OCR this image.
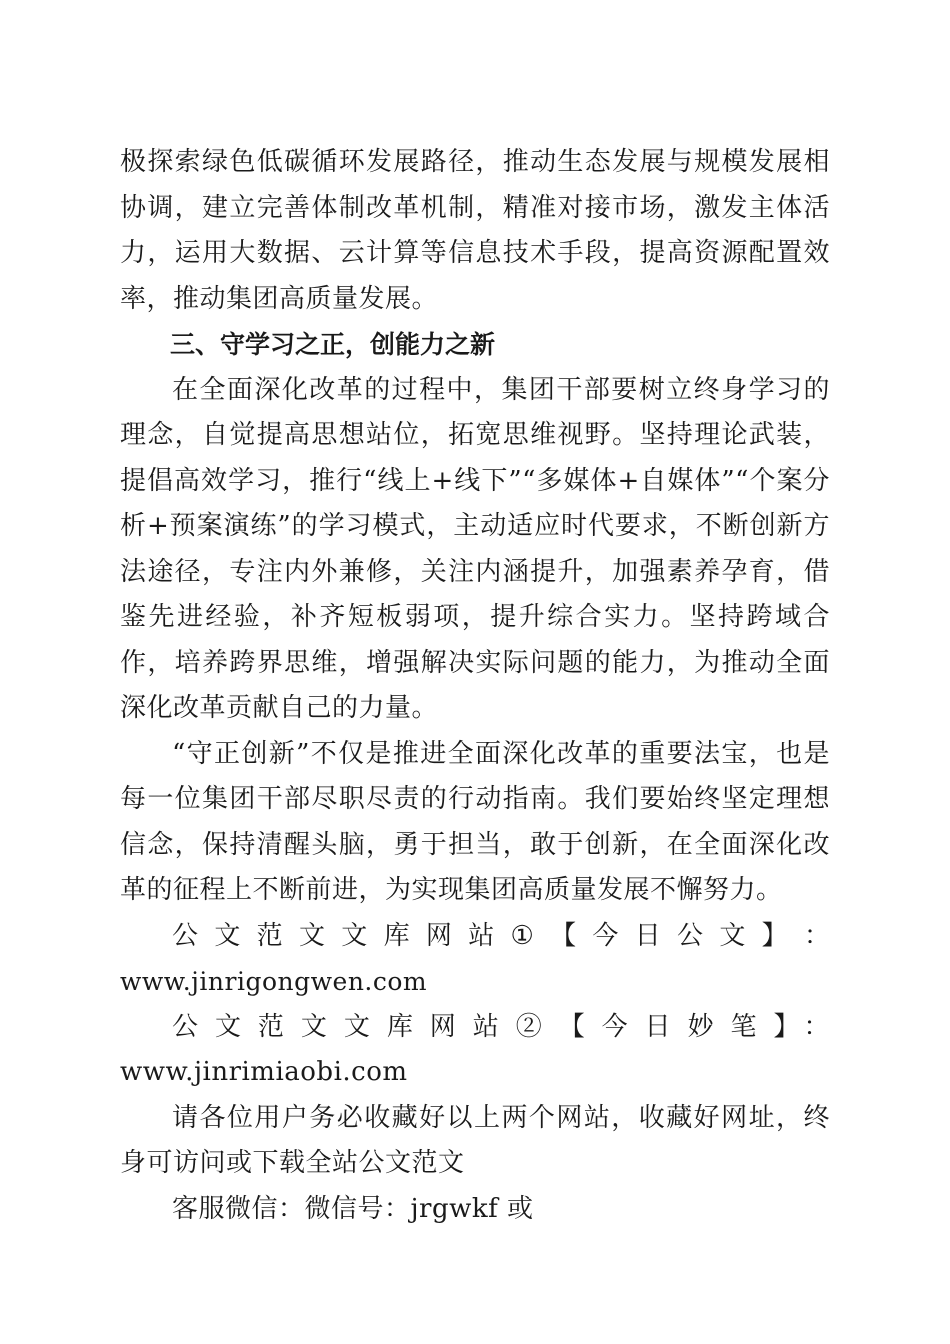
极探索绿色低碳循环发展路径，推动生态发展与规模发展相协调，建立完善体制改革机制，精准对接市场，激发主体活力，运用大数据、云计算等信息技术手段，提高资源配置效率，推动集团高质量发展。

三、守学习之正，创能力之新

在全面深化改革的过程中，集团干部要树立终身学习的理念，自觉提高思想站位，拓宽思维视野。坚持理论武装，提倡高效学习，推行“线上+线下”“多媒体+自媒体”“个案分析+预案演练”的学习模式，主动适应时代要求，不断创新方法途径，专注内外兼修，关注内涵提升，加强素养孕育，借鉴先进经验，补齐短板弱项，提升综合实力。坚持跨域合作，培养跨界思维，增强解决实际问题的能力，为推动全面深化改革贡献自己的力量。

“守正创新”不仅是推进全面深化改革的重要法宝，也是每一位集团干部尽职尽责的行动指南。我们要始终坚定理想信念，保持清醒头脑，勇于担当，敢于创新，在全面深化改革的征程上不断前进，为实现集团高质量发展不懈努力。

公 文 范 文 文 库 网 站 ① 【 今 日 公 文 】 ：

www.jinrigongwen.com

公文范文文库网站②【今日妙笔】：www.jinrimiaobi.com

请各位用户务必收藏好以上两个网站，收藏好网址，终身可访问或下载全站公文范文

客服微信：微信号：jrgwkf 或
